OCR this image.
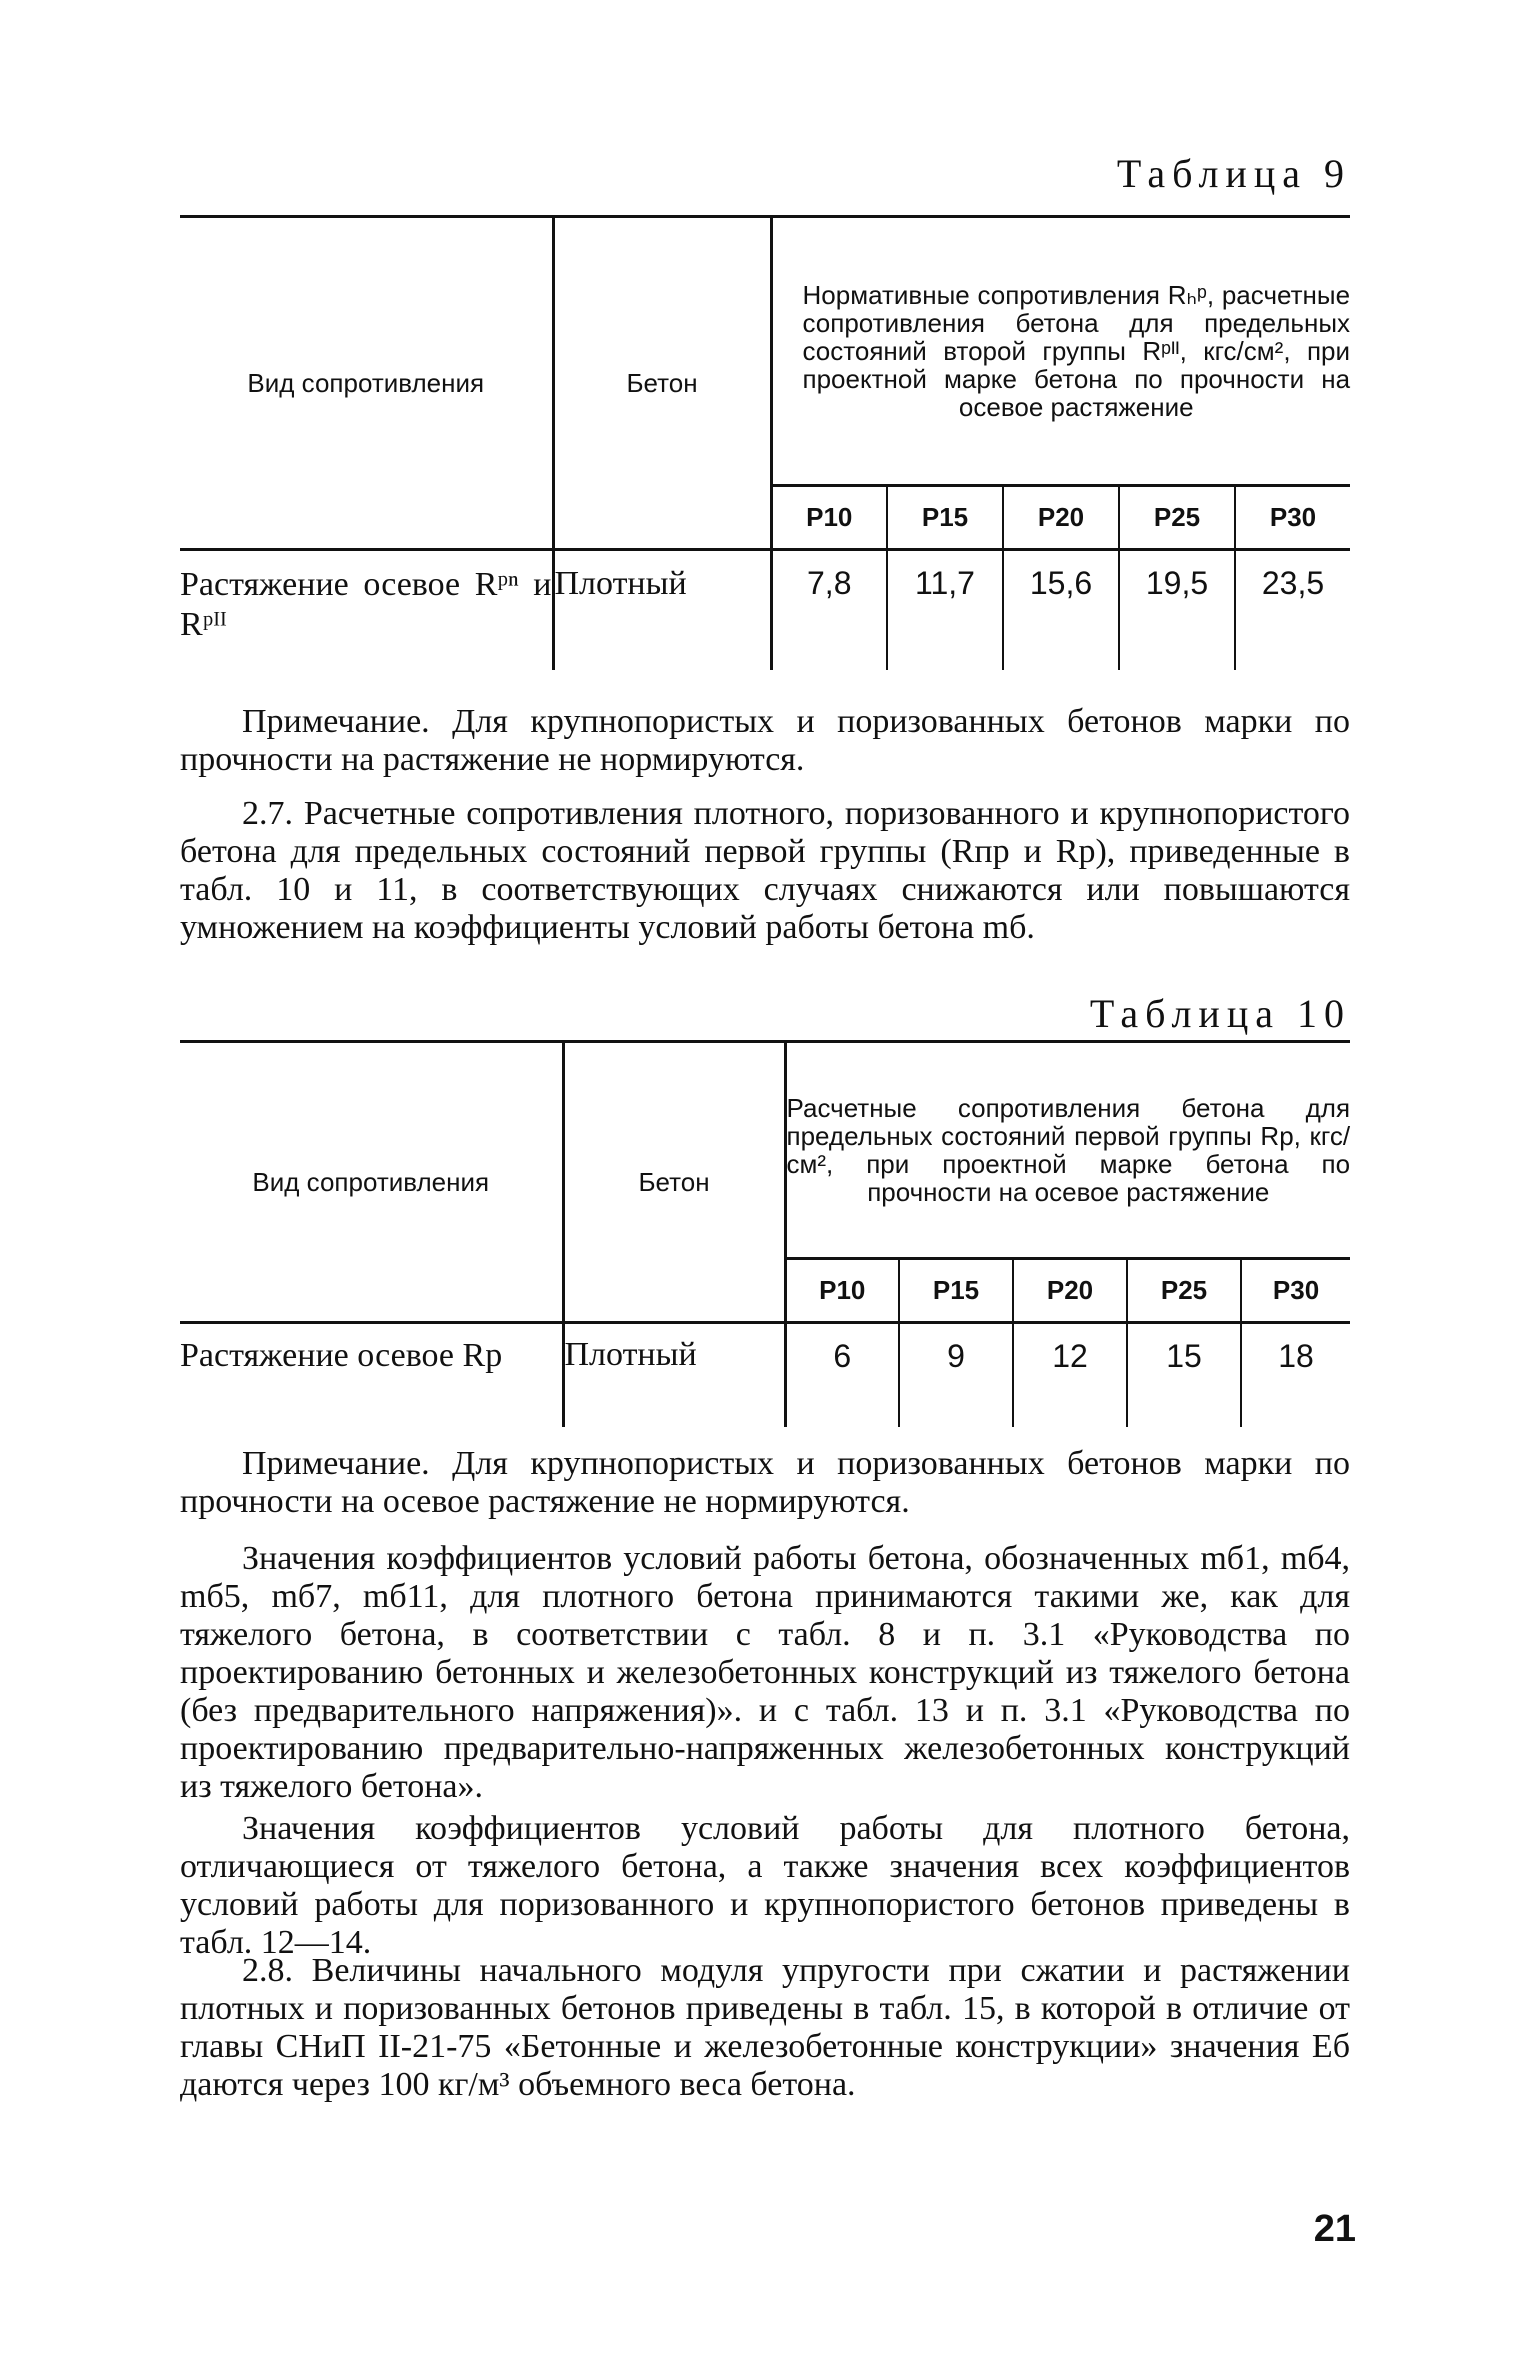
Таблица 9
Вид сопротивления	Бетон	Нормативные сопротивления Rₕᵖ, расчетные сопротивления бетона для предельных состояний второй группы Rᵖᴵᴵ, кгс/см², при проектной марке бетона по прочности на осевое растяжение				
		Р10	Р15	Р20	Р25	Р30
Растяжение осевое Rᵖⁿ и Rᵖᴵᴵ	Плотный	7,8	11,7	15,6	19,5	23,5
Примечание. Для крупнопористых и поризованных бетонов марки по прочности на растяжение не нормируются.
2.7. Расчетные сопротивления плотного, поризованного и крупнопористого бетона для предельных состояний первой группы (Rпр и Rр), приведенные в табл. 10 и 11, в соответствующих случаях снижаются или повышаются умножением на коэффициенты условий работы бетона mб.
Таблица 10
Вид сопротивления	Бетон	Расчетные сопротивления бетона для предельных состояний первой группы Rр, кгс/см², при проектной марке бетона по прочности на осевое растяжение				
		Р10	Р15	Р20	Р25	Р30
Растяжение осевое Rр	Плотный	6	9	12	15	18
Примечание. Для крупнопористых и поризованных бетонов марки по прочности на осевое растяжение не нормируются.
Значения коэффициентов условий работы бетона, обозначенных mб1, mб4, mб5, mб7, mб11, для плотного бетона принимаются такими же, как для тяжелого бетона, в соответствии с табл. 8 и п. 3.1 «Руководства по проектированию бетонных и железобетонных конструкций из тяжелого бетона (без предварительного напряжения)». и с табл. 13 и п. 3.1 «Руководства по проектированию предварительно-напряженных железобетонных конструкций из тяжелого бетона».
Значения коэффициентов условий работы для плотного бетона, отличающиеся от тяжелого бетона, а также значения всех коэффициентов условий работы для поризованного и крупнопористого бетонов приведены в табл. 12—14.
2.8. Величины начального модуля упругости при сжатии и растяжении плотных и поризованных бетонов приведены в табл. 15, в которой в отличие от главы СНиП II-21-75 «Бетонные и железобетонные конструкции» значения Eб даются через 100 кг/м³ объемного веса бетона.
21
